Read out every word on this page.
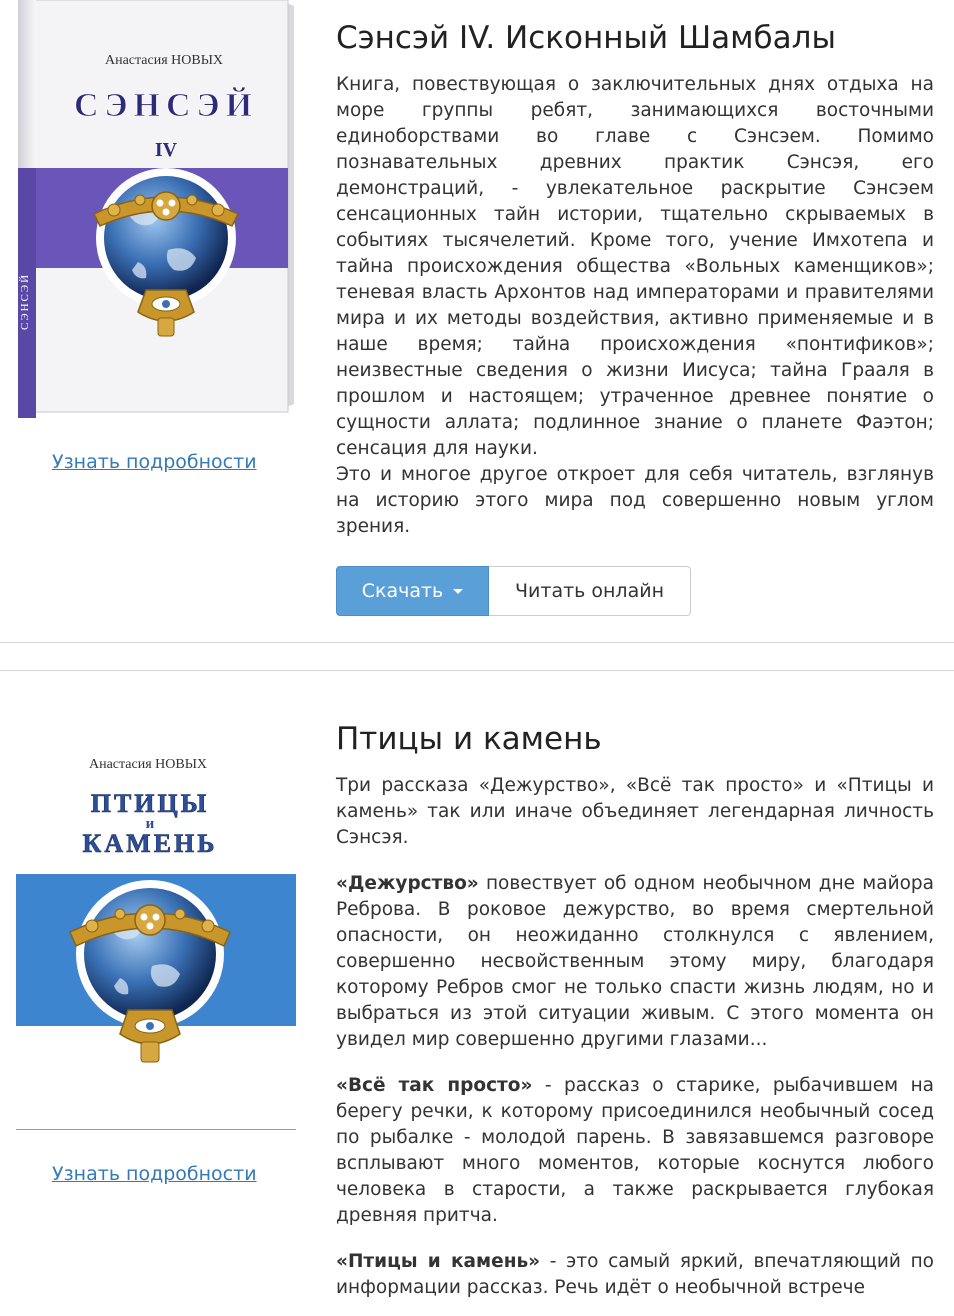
Анастасия НОВЫХ
СЭНСЭЙ
IV
СЭНСЭЙ
Узнать подробности
Сэнсэй IV. Исконный Шамбалы

Книга, повествующая о заключительных днях отдыха на море группы ребят, занимающихся восточными единоборствами во главе с Сэнсэем. Помимо познавательных древних практик Сэнсэя, его демонстраций, - увлекательное раскрытие Сэнсэем сенсационных тайн истории, тщательно скрываемых в событиях тысячелетий. Кроме того, учение Имхотепа и тайна происхождения общества «Вольных каменщиков»; теневая власть Архонтов над императорами и правителями мира и их методы воздействия, активно применяемые и в наше время; тайна происхождения «понтификов»; неизвестные сведения о жизни Иисуса; тайна Грааля в прошлом и настоящем; утраченное древнее понятие о сущности аллата; подлинное знание о планете Фаэтон; сенсация для науки.

Это и многое другое откроет для себя читатель, взглянув на историю этого мира под совершенно новым углом зрения.

Скачать	Читать онлайн
Анастасия НОВЫХ
ПТИЦЫ
и
КАМЕНЬ
Узнать подробности
Птицы и камень

Три рассказа «Дежурство», «Всё так просто» и «Птицы и камень» так или иначе объединяет легендарная личность Сэнсэя.

«Дежурство» повествует об одном необычном дне майора Реброва. В роковое дежурство, во время смертельной опасности, он неожиданно столкнулся с явлением, совершенно несвойственным этому миру, благодаря которому Ребров смог не только спасти жизнь людям, но и выбраться из этой ситуации живым. С этого момента он увидел мир совершенно другими глазами...
«Всё так просто» - рассказ о старике, рыбачившем на берегу речки, к которому присоединился необычный сосед по рыбалке - молодой парень. В завязавшемся разговоре всплывают много моментов, которые коснутся любого человека в старости, а также раскрывается глубокая древняя притча.
«Птицы и камень» - это самый яркий, впечатляющий по информации рассказ. Речь идёт о необычной встрече
